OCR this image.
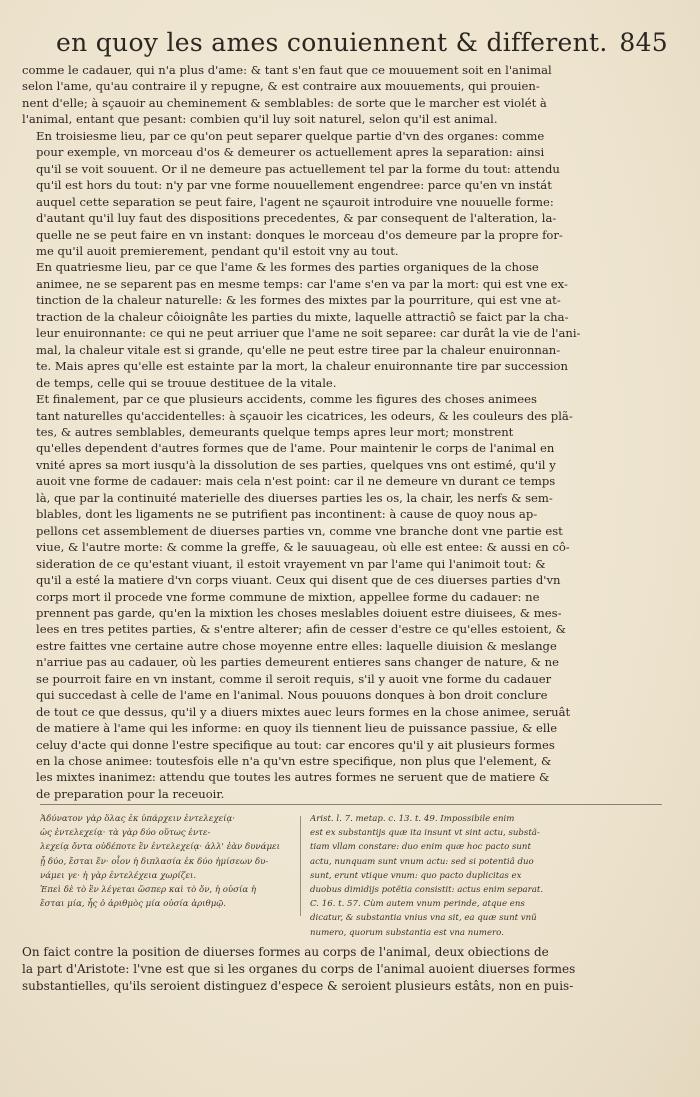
en quoy les ames conuiennent & different. 845

comme le cadauer, qui n'a plus d'ame: & tant s'en faut que ce mouuement soit en l'animal
selon l'ame, qu'au contraire il y repugne, & est contraire aux mouuements, qui prouien-
nent d'elle; à sçauoir au cheminement & semblables: de sorte que le marcher est violét à
l'animal, entant que pesant: combien qu'il luy soit naturel, selon qu'il est animal.

En troisiesme lieu, par ce qu'on peut separer quelque partie d'vn des organes: comme
pour exemple, vn morceau d'os & demeurer os actuellement apres la separation: ainsi
qu'il se voit souuent. Or il ne demeure pas actuellement tel par la forme du tout: attendu
qu'il est hors du tout: n'y par vne forme nouuellement engendree: parce qu'en vn instát
auquel cette separation se peut faire, l'agent ne sçauroit introduire vne nouuelle forme:
d'autant qu'il luy faut des dispositions precedentes, & par consequent de l'alteration, la-
quelle ne se peut faire en vn instant: donques le morceau d'os demeure par la propre for-
me qu'il auoit premierement, pendant qu'il estoit vny au tout.

En quatriesme lieu, par ce que l'ame & les formes des parties organiques de la chose
animee, ne se separent pas en mesme temps: car l'ame s'en va par la mort: qui est vne ex-
tinction de la chaleur naturelle: & les formes des mixtes par la pourriture, qui est vne at-
traction de la chaleur côioignâte les parties du mixte, laquelle attractiô se faict par la cha-
leur enuironnante: ce qui ne peut arriuer que l'ame ne soit separee: car durât la vie de l'ani-
mal, la chaleur vitale est si grande, qu'elle ne peut estre tiree par la chaleur enuironnan-
te. Mais apres qu'elle est estainte par la mort, la chaleur enuironnante tire par succession
de temps, celle qui se trouue destituee de la vitale.

Et finalement, par ce que plusieurs accidents, comme les figures des choses animees
tant naturelles qu'accidentelles: à sçauoir les cicatrices, les odeurs, & les couleurs des plã-
tes, & autres semblables, demeurants quelque temps apres leur mort; monstrent
qu'elles dependent d'autres formes que de l'ame. Pour maintenir le corps de l'animal en
vnité apres sa mort iusqu'à la dissolution de ses parties, quelques vns ont estimé, qu'il y
auoit vne forme de cadauer: mais cela n'est point: car il ne demeure vn durant ce temps
là, que par la continuité materielle des diuerses parties les os, la chair, les nerfs & sem-
blables, dont les ligaments ne se putrifient pas incontinent: à cause de quoy nous ap-
pellons cet assemblement de diuerses parties vn, comme vne branche dont vne partie est
viue, & l'autre morte: & comme la greffe, & le sauuageau, où elle est entee: & aussi en cô-
sideration de ce qu'estant viuant, il estoit vrayement vn par l'ame qui l'animoit tout: &
qu'il a esté la matiere d'vn corps viuant. Ceux qui disent que de ces diuerses parties d'vn
corps mort il procede vne forme commune de mixtion, appellee forme du cadauer: ne
prennent pas garde, qu'en la mixtion les choses meslables doiuent estre diuisees, & mes-
lees en tres petites parties, & s'entre alterer; afin de cesser d'estre ce qu'elles estoient, &
estre faittes vne certaine autre chose moyenne entre elles: laquelle diuision & meslange
n'arriue pas au cadauer, où les parties demeurent entieres sans changer de nature, & ne
se pourroit faire en vn instant, comme il seroit requis, s'il y auoit vne forme du cadauer
qui succedast à celle de l'ame en l'animal. Nous pouuons donques à bon droit conclure
de tout ce que dessus, qu'il y a diuers mixtes auec leurs formes en la chose animee, seruât
de matiere à l'ame qui les informe: en quoy ils tiennent lieu de puissance passiue, & elle
celuy d'acte qui donne l'estre specifique au tout: car encores qu'il y ait plusieurs formes
en la chose animee: toutesfois elle n'a qu'vn estre specifique, non plus que l'element, &
les mixtes inanimez: attendu que toutes les autres formes ne seruent que de matiere &
de preparation pour la receuoir.

Ἀδύνατον γὰρ ὅλας ἐκ ὑπάρχειν ἐντελεχείᾳ·
ὡς ἐντελεχείᾳ· τὰ γὰρ δύο οὕτως ἐντε-
λεχείᾳ ὄντα οὐδέποτε ἓν ἐντελεχείᾳ· ἀλλ' ἐὰν δυνάμει
ᾖ δύο, ἔσται ἕν· οἷον ἡ διπλασία ἐκ δύο ἡμίσεων δυ-
νάμει γε· ἡ γὰρ ἐντελέχεια χωρίζει.
Ἐπεὶ δὲ τὸ ἓν λέγεται ὥσπερ καὶ τὸ ὄν, ἡ οὐσία ἡ
ἔσται μία, ἧς ὁ ἀριθμὸς μία οὐσία ἀριθμῷ.
Arist. l. 7. metap. c. 13. t. 49. Impossibile enim
est ex substantijs quæ ita insunt vt sint actu, substã-
tiam vllam constare: duo enim quæ hoc pacto sunt
actu, nunquam sunt vnum actu: sed si potentiâ duo
sunt, erunt vtique vnum: quo pacto duplicitas ex
duobus dimidijs potẽtia consistit: actus enim separat.
C. 16. t. 57. Cùm autem vnum perinde, atque ens
dicatur, & substantia vnius vna sit, ea quæ sunt vnũ
numero, quorum substantia est vna numero.
On faict contre la position de diuerses formes au corps de l'animal, deux obiections de
la part d'Aristote: l'vne est que si les organes du corps de l'animal auoient diuerses formes
substantielles, qu'ils seroient distinguez d'espece & seroient plusieurs estâts, non en puis-
